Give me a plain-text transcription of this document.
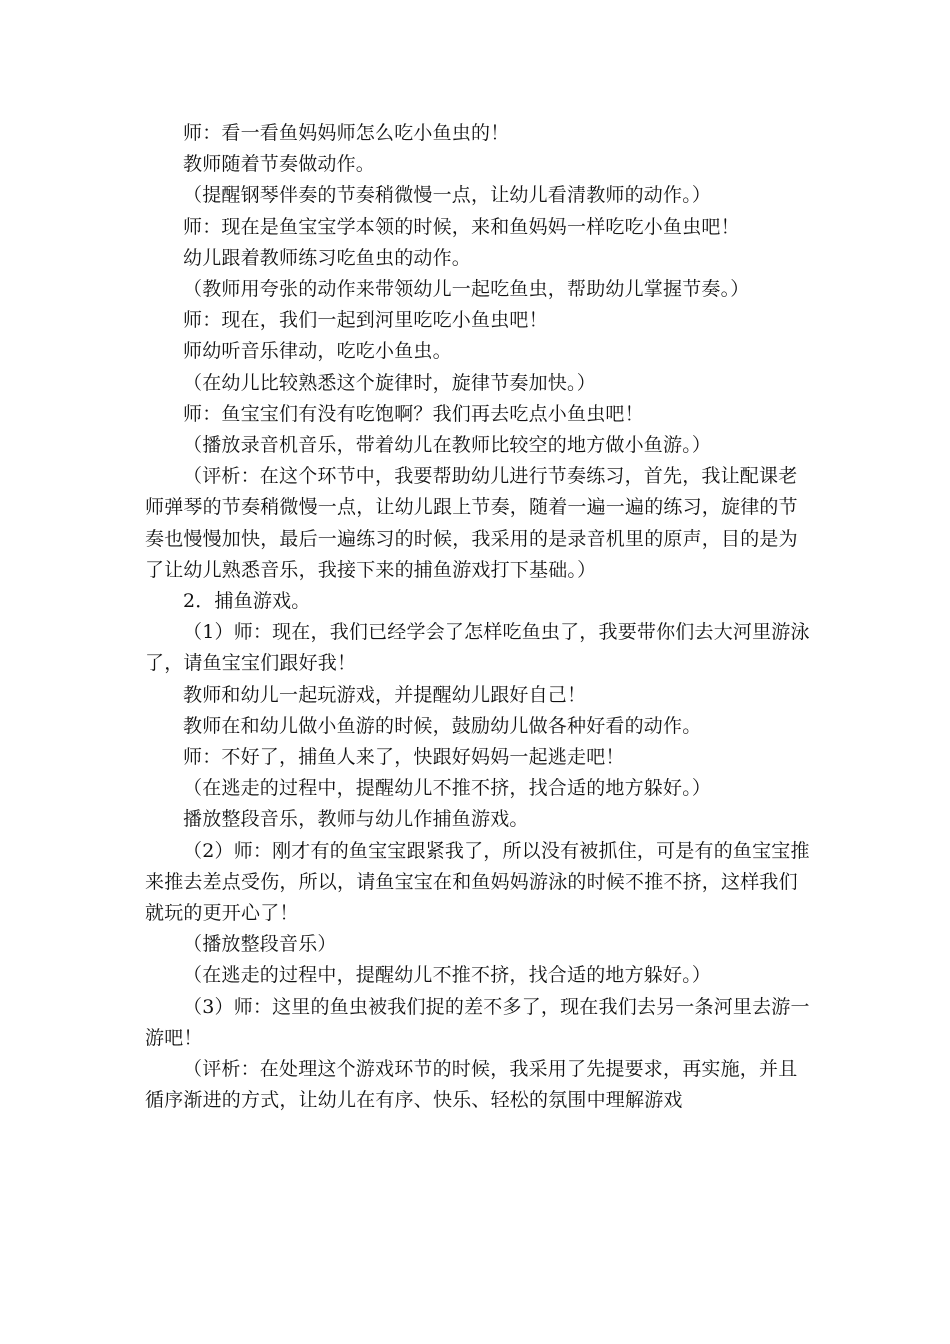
师：看一看鱼妈妈师怎么吃小鱼虫的！

教师随着节奏做动作。

（提醒钢琴伴奏的节奏稍微慢一点，让幼儿看清教师的动作。）

师：现在是鱼宝宝学本领的时候，来和鱼妈妈一样吃吃小鱼虫吧！

幼儿跟着教师练习吃鱼虫的动作。

（教师用夸张的动作来带领幼儿一起吃鱼虫，帮助幼儿掌握节奏。）

师：现在，我们一起到河里吃吃小鱼虫吧！

师幼听音乐律动，吃吃小鱼虫。

（在幼儿比较熟悉这个旋律时，旋律节奏加快。）

师：鱼宝宝们有没有吃饱啊？我们再去吃点小鱼虫吧！

（播放录音机音乐，带着幼儿在教师比较空的地方做小鱼游。）

（评析：在这个环节中，我要帮助幼儿进行节奏练习，首先，我让配课老师弹琴的节奏稍微慢一点，让幼儿跟上节奏，随着一遍一遍的练习，旋律的节奏也慢慢加快，最后一遍练习的时候，我采用的是录音机里的原声，目的是为了让幼儿熟悉音乐，我接下来的捕鱼游戏打下基础。）

2．捕鱼游戏。

（1）师：现在，我们已经学会了怎样吃鱼虫了，我要带你们去大河里游泳了，请鱼宝宝们跟好我！

教师和幼儿一起玩游戏，并提醒幼儿跟好自己！

教师在和幼儿做小鱼游的时候，鼓励幼儿做各种好看的动作。

师：不好了，捕鱼人来了，快跟好妈妈一起逃走吧！

（在逃走的过程中，提醒幼儿不推不挤，找合适的地方躲好。）

播放整段音乐，教师与幼儿作捕鱼游戏。

（2）师：刚才有的鱼宝宝跟紧我了，所以没有被抓住，可是有的鱼宝宝推来推去差点受伤，所以，请鱼宝宝在和鱼妈妈游泳的时候不推不挤，这样我们就玩的更开心了！

（播放整段音乐）

（在逃走的过程中，提醒幼儿不推不挤，找合适的地方躲好。）

（3）师：这里的鱼虫被我们捉的差不多了，现在我们去另一条河里去游一游吧！

（评析：在处理这个游戏环节的时候，我采用了先提要求，再实施，并且循序渐进的方式，让幼儿在有序、快乐、轻松的氛围中理解游戏
